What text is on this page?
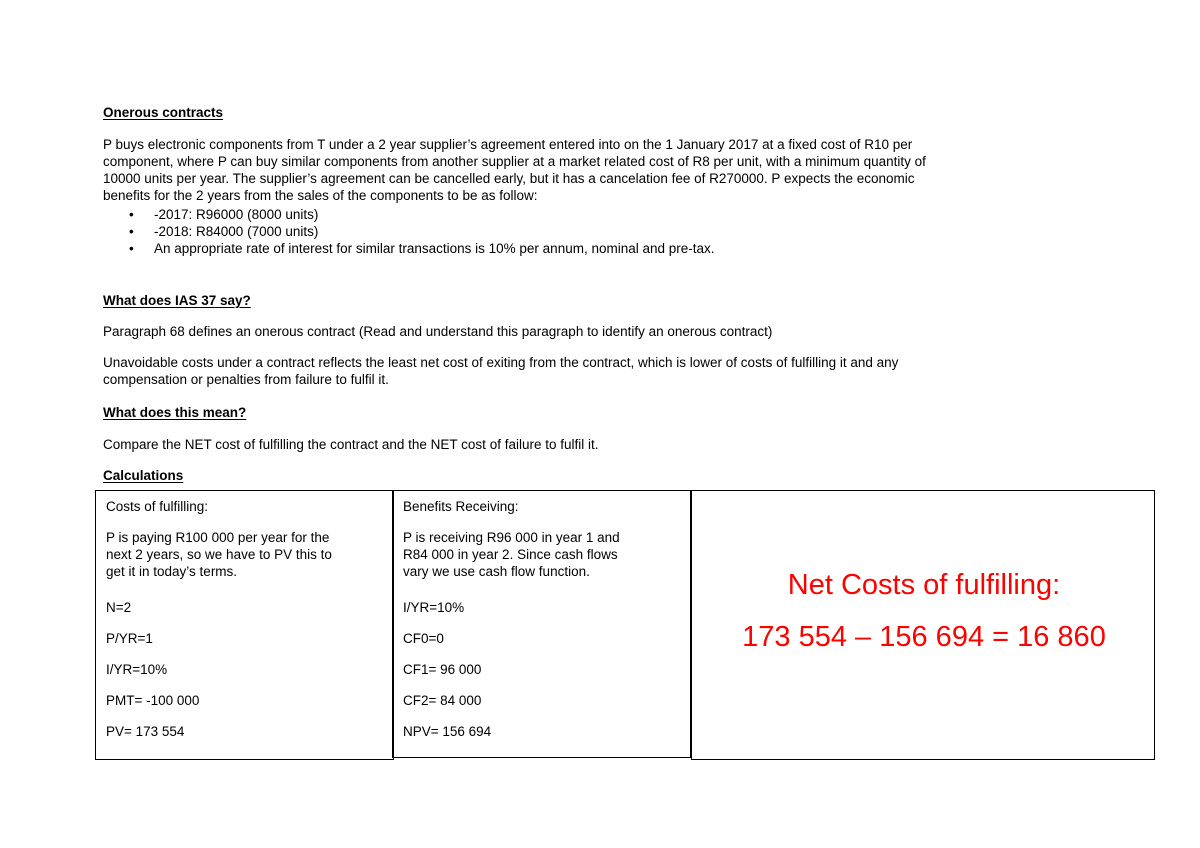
Onerous contracts
P buys electronic components from T under a 2 year supplier’s agreement entered into on the 1 January 2017 at a fixed cost of R10 per
component, where P can buy similar components from another supplier at a market related cost of R8 per unit, with a minimum quantity of
10000 units per year. The supplier’s agreement can be cancelled early, but it has a cancelation fee of R270000. P expects the economic
benefits for the 2 years from the sales of the components to be as follow:
• -2017: R96000 (8000 units)
• -2018: R84000 (7000 units)
• An appropriate rate of interest for similar transactions is 10% per annum, nominal and pre-tax.
What does IAS 37 say?
Paragraph 68 defines an onerous contract (Read and understand this paragraph to identify an onerous contract)
Unavoidable costs under a contract reflects the least net cost of exiting from the contract, which is lower of costs of fulfilling it and any
compensation or penalties from failure to fulfil it.
What does this mean?
Compare the NET cost of fulfilling the contract and the NET cost of failure to fulfil it.
Calculations

Costs of fulfilling:

P is paying R100 000 per year for the
next 2 years, so we have to PV this to
get it in today’s terms.

N=2

P/YR=1

I/YR=10%

PMT= -100 000

PV= 173 554

Benefits Receiving:

P is receiving R96 000 in year 1 and
R84 000 in year 2. Since cash flows
vary we use cash flow function.

I/YR=10%

CF0=0

CF1= 96 000

CF2= 84 000

NPV= 156 694

Net Costs of fulfilling:
173 554 – 156 694 = 16 860
